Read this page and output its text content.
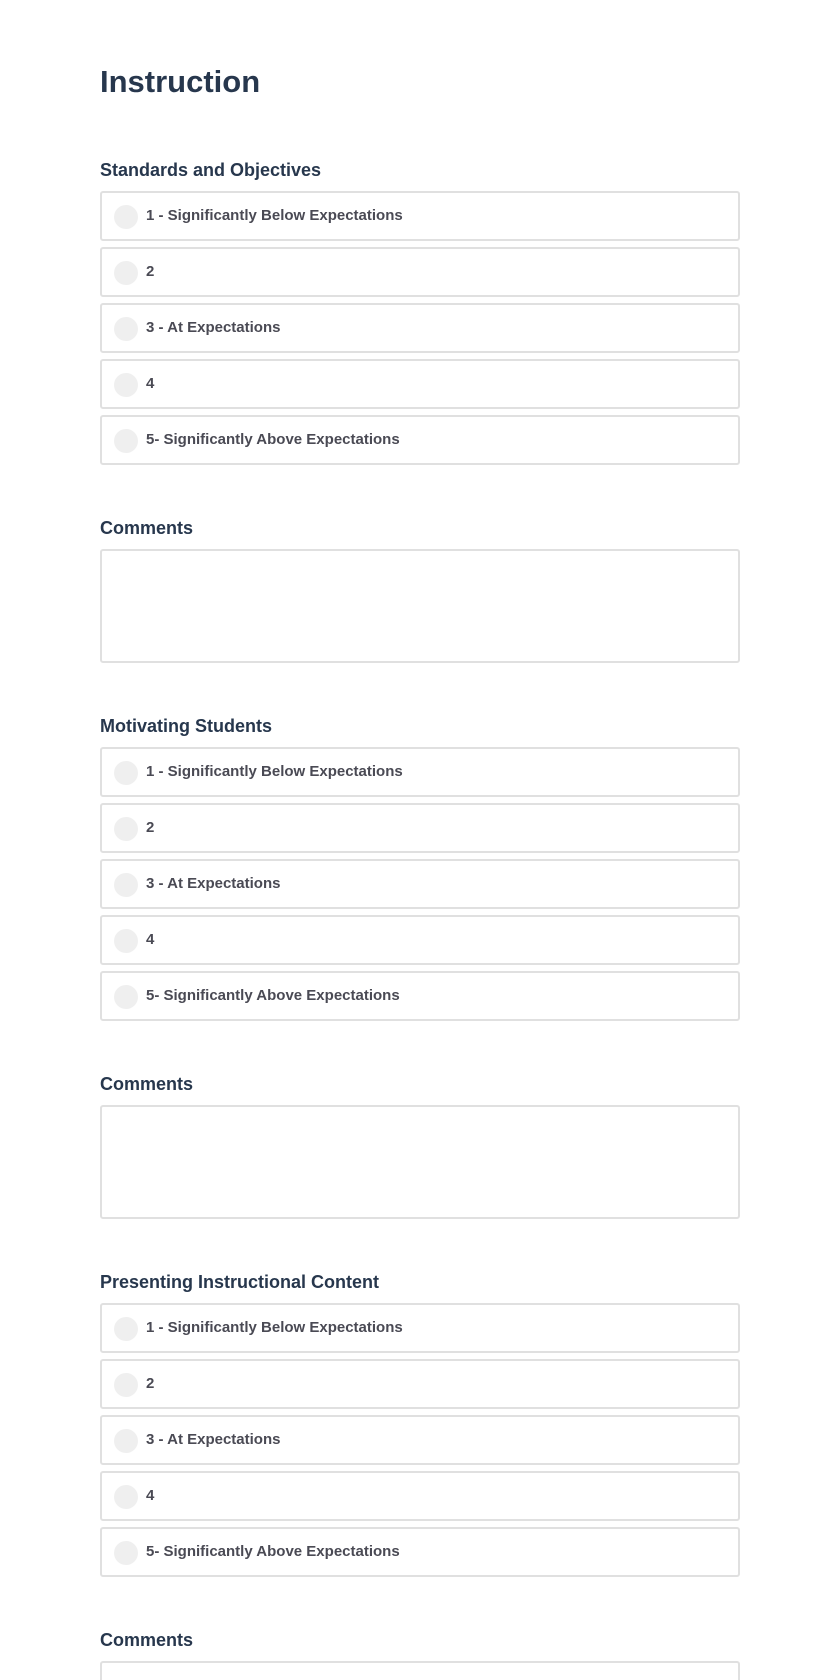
Instruction
Standards and Objectives
1 - Significantly Below Expectations
2
3 - At Expectations
4
5- Significantly Above Expectations
Comments
Motivating Students
1 - Significantly Below Expectations
2
3 - At Expectations
4
5- Significantly Above Expectations
Comments
Presenting Instructional Content
1 - Significantly Below Expectations
2
3 - At Expectations
4
5- Significantly Above Expectations
Comments
